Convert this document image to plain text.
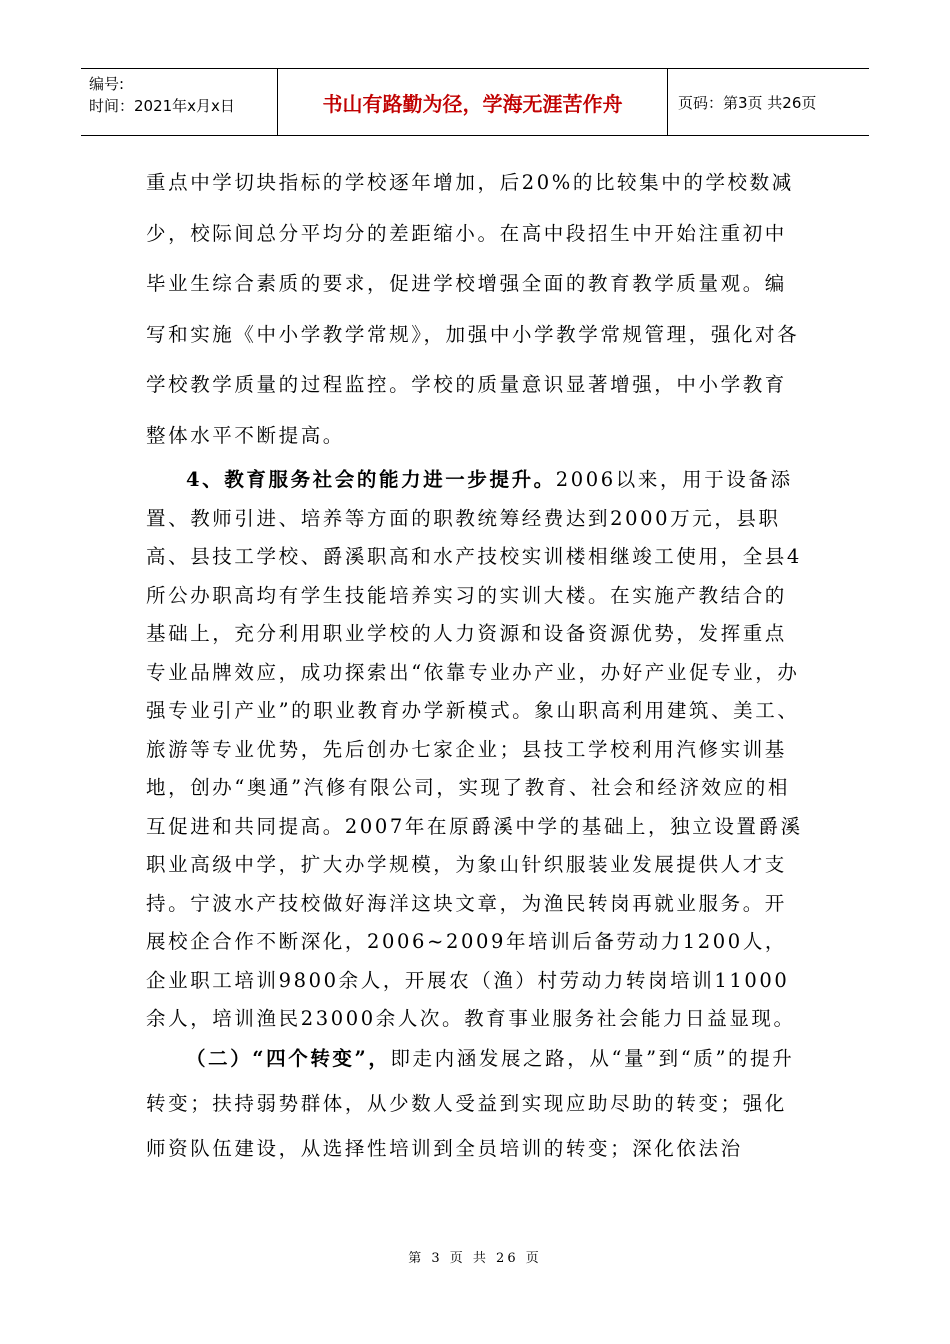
编号:
时间：2021年x月x日	书山有路勤为径，学海无涯苦作舟	页码：第3页 共26页

重点中学切块指标的学校逐年增加，后20%的比较集中的学校数减少，校际间总分平均分的差距缩小。在高中段招生中开始注重初中毕业生综合素质的要求，促进学校增强全面的教育教学质量观。编写和实施《中小学教学常规》，加强中小学教学常规管理，强化对各学校教学质量的过程监控。学校的质量意识显著增强，中小学教育整体水平不断提高。

4、教育服务社会的能力进一步提升。2006以来，用于设备添置、教师引进、培养等方面的职教统筹经费达到2000万元，县职高、县技工学校、爵溪职高和水产技校实训楼相继竣工使用，全县4所公办职高均有学生技能培养实习的实训大楼。在实施产教结合的基础上，充分利用职业学校的人力资源和设备资源优势，发挥重点专业品牌效应，成功探索出“依靠专业办产业，办好产业促专业，办强专业引产业”的职业教育办学新模式。象山职高利用建筑、美工、旅游等专业优势，先后创办七家企业；县技工学校利用汽修实训基地，创办“奥通”汽修有限公司，实现了教育、社会和经济效应的相互促进和共同提高。2007年在原爵溪中学的基础上，独立设置爵溪职业高级中学，扩大办学规模，为象山针织服装业发展提供人才支持。宁波水产技校做好海洋这块文章，为渔民转岗再就业服务。开展校企合作不断深化，2006~2009年培训后备劳动力1200人，企业职工培训9800余人，开展农（渔）村劳动力转岗培训11000余人，培训渔民23000余人次。教育事业服务社会能力日益显现。

（二）“四个转变”，即走内涵发展之路，从“量”到“质”的提升转变；扶持弱势群体，从少数人受益到实现应助尽助的转变；强化师资队伍建设，从选择性培训到全员培训的转变；深化依法治

第 3 页 共 26 页
